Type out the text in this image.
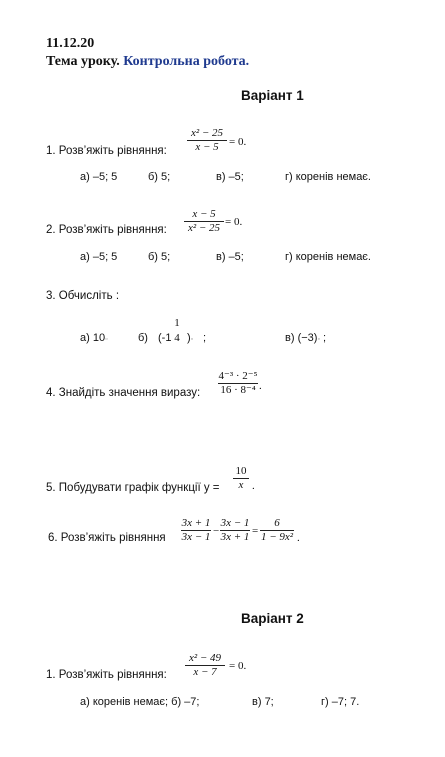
11.12.20
Тема уроку. Контрольна робота.
Варіант 1
1. Розв’яжіть рівняння:
x² − 25
x − 5 = 0.
а) –5; 5	б) 5;	в) –5;	г) коренів немає.
2. Розв’яжіть рівняння:
x − 5
x² − 25 = 0.
а) –5; 5	б) 5;	в) –5;	г) коренів немає.
3. Обчисліть :
а) 10▫	б) (-1
1
4 )▫ ;	в) (−3)▫ ;
4. Знайдіть значення виразу:
4⁻³ · 2⁻⁵
16 · 8⁻⁴ .
5. Побудувати графік функції y =
10
x .
6. Розв’яжіть рівняння
3x + 1
3x − 1 −
3x − 1
3x + 1 =
6
1 − 9x² .
Варіант 2
1. Розв’яжіть рівняння:
x² − 49
x − 7	= 0.
а) коренів немає; б) –7;	в) 7;	г) –7; 7.
